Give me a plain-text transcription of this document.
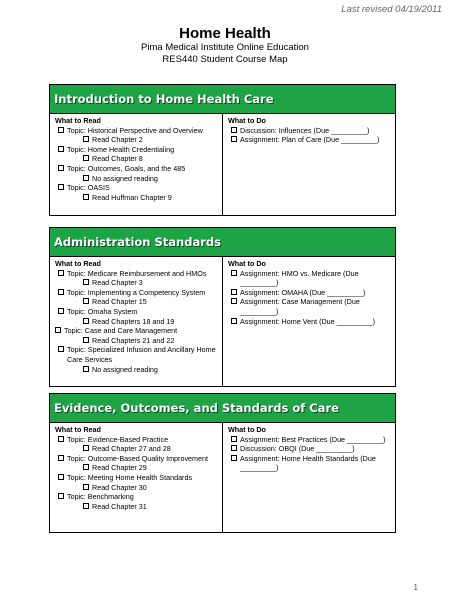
Last revised 04/19/2011
Home Health
Pima Medical Institute Online Education
RES440 Student Course Map
Introduction to Home Health Care
What to Read
Topic: Historical Perspective and Overview
Read Chapter 2
Topic: Home Health Credentialing
Read Chapter 8
Topic: Outcomes, Goals, and the 485
No assigned reading
Topic: OASIS
Read Huffman Chapter 9
What to Do
Discussion: Influences (Due _________)
Assignment: Plan of Care (Due _________)
Administration Standards
What to Read
Topic: Medicare Reimbursement and HMOs
Read Chapter 3
Topic: Implementing a Competency System
Read Chapter 15
Topic: Omaha System
Read Chapters 18 and 19
Topic: Case and Care Management
Read Chapters 21 and 22
Topic: Specialized Infusion and Ancillary Home Care Services
No assigned reading
What to Do
Assignment: HMO vs. Medicare (Due _________)
Assignment: OMAHA (Due _________)
Assignment: Case Management (Due _________)
Assignment: Home Vent (Due _________)
Evidence, Outcomes, and Standards of Care
What to Read
Topic: Evidence-Based Practice
Read Chapter 27 and 28
Topic: Outcome-Based Quality Improvement
Read Chapter 29
Topic: Meeting Home Health Standards
Read Chapter 30
Topic: Benchmarking
Read Chapter 31
What to Do
Assignment: Best Practices (Due _________)
Discussion: OBQI (Due _________)
Assignment: Home Health Standards (Due _________)
1
